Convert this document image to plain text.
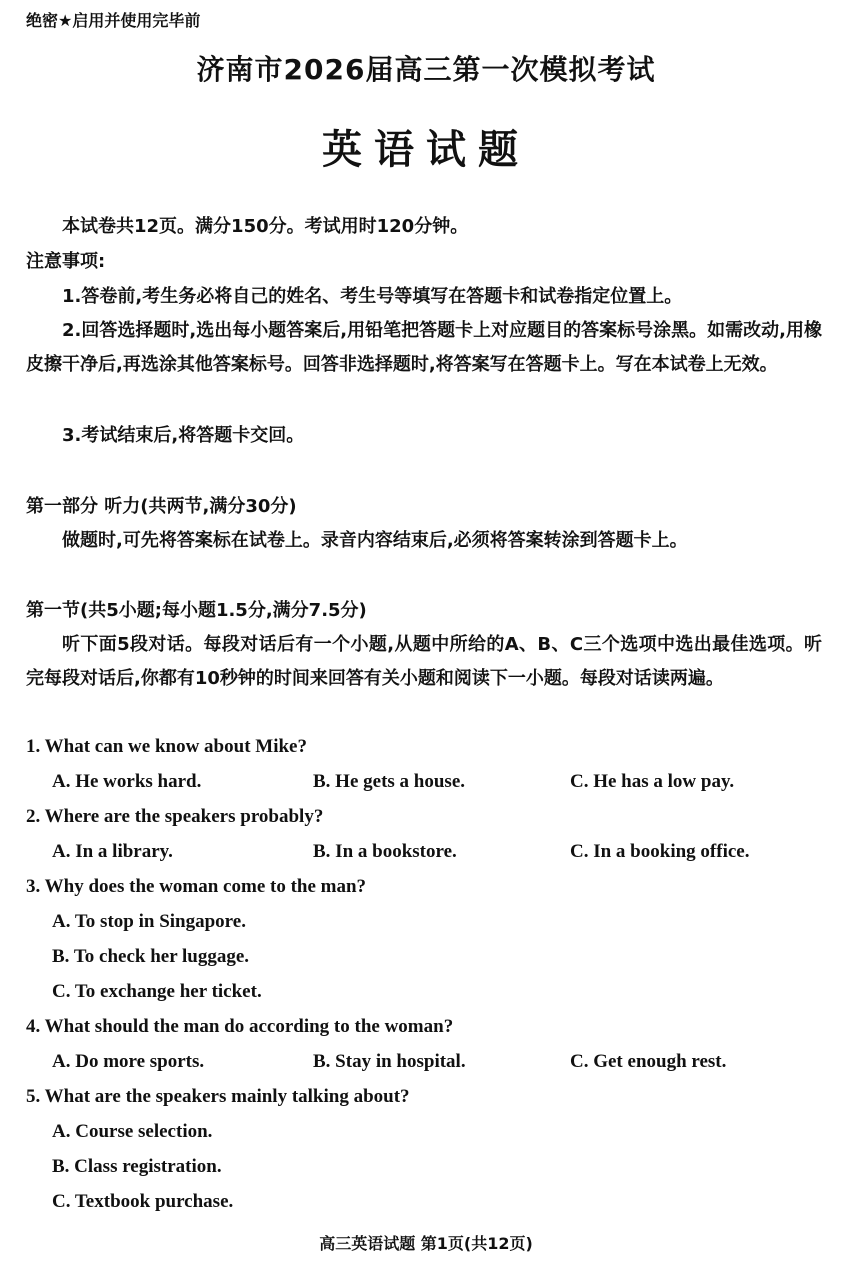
绝密★启用并使用完毕前
济南市2026届高三第一次模拟考试
英语试题
本试卷共12页。满分150分。考试用时120分钟。
注意事项:
1.答卷前,考生务必将自己的姓名、考生号等填写在答题卡和试卷指定位置上。
2.回答选择题时,选出每小题答案后,用铅笔把答题卡上对应题目的答案标号涂黑。如需改动,用橡皮擦干净后,再选涂其他答案标号。回答非选择题时,将答案写在答题卡上。写在本试卷上无效。
3.考试结束后,将答题卡交回。
第一部分 听力(共两节,满分30分)
做题时,可先将答案标在试卷上。录音内容结束后,必须将答案转涂到答题卡上。
第一节(共5小题;每小题1.5分,满分7.5分)
听下面5段对话。每段对话后有一个小题,从题中所给的A、B、C三个选项中选出最佳选项。听完每段对话后,你都有10秒钟的时间来回答有关小题和阅读下一小题。每段对话读两遍。
1. What can we know about Mike?
A. He works hard.	B. He gets a house.	C. He has a low pay.
2. Where are the speakers probably?
A. In a library.	B. In a bookstore.	C. In a booking office.
3. Why does the woman come to the man?
A. To stop in Singapore.
B. To check her luggage.
C. To exchange her ticket.
4. What should the man do according to the woman?
A. Do more sports.	B. Stay in hospital.	C. Get enough rest.
5. What are the speakers mainly talking about?
A. Course selection.
B. Class registration.
C. Textbook purchase.
高三英语试题 第1页(共12页)
